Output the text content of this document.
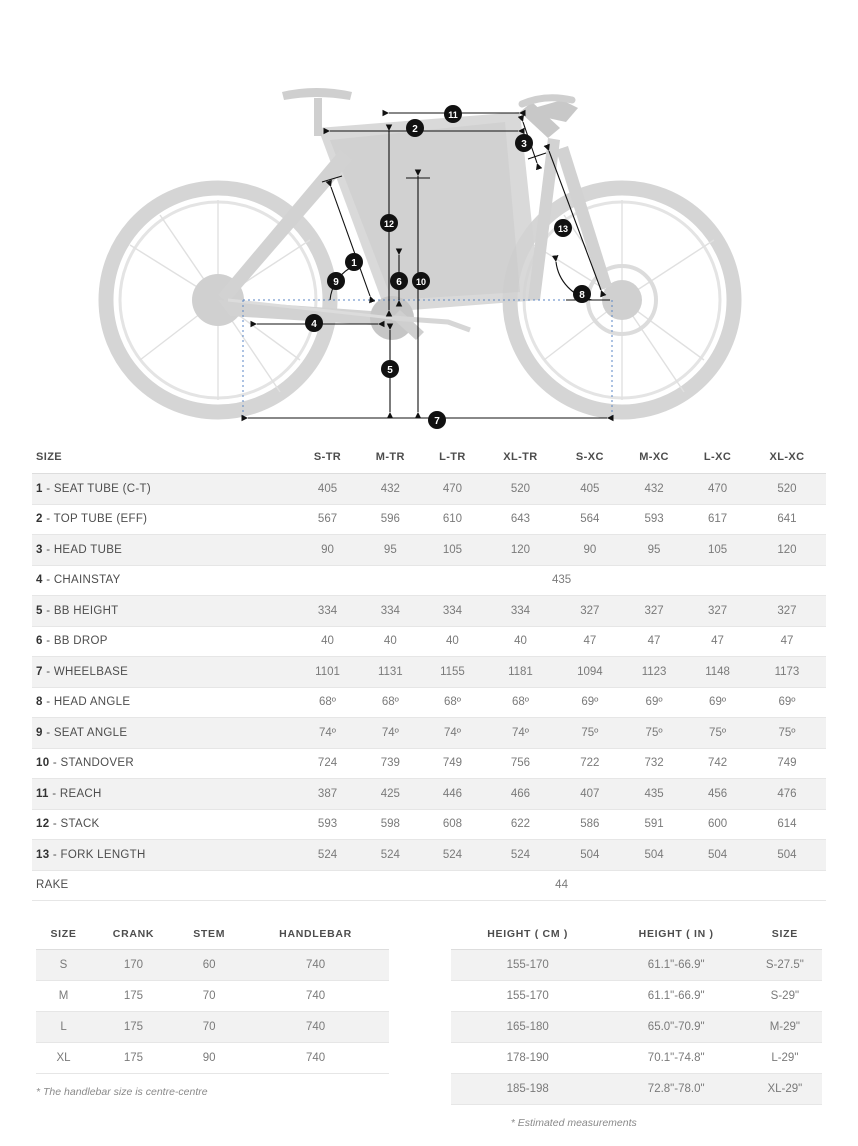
1
2
3
4
5
6
7
8
9	10
11
12	13
SIZE	S-TR	M-TR	L-TR	XL-TR	S-XC	M-XC	L-XC	XL-XC
1 - SEAT TUBE (C-T)	405	432	470	520	405	432	470	520
2 - TOP TUBE (EFF)	567	596	610	643	564	593	617	641
3 - HEAD TUBE	90	95	105	120	90	95	105	120
4 - CHAINSTAY	435							
5 - BB HEIGHT	334	334	334	334	327	327	327	327
6 - BB DROP	40	40	40	40	47	47	47	47
7 - WHEELBASE	1101	1131	1155	1181	1094	1123	1148	1173
8 - HEAD ANGLE	68º	68º	68º	68º	69º	69º	69º	69º
9 - SEAT ANGLE	74º	74º	74º	74º	75º	75º	75º	75º
10 - STANDOVER	724	739	749	756	722	732	742	749
11 - REACH	387	425	446	466	407	435	456	476
12 - STACK	593	598	608	622	586	591	600	614
13 - FORK LENGTH	524	524	524	524	504	504	504	504
RAKE	44							
SIZE	CRANK	STEM	HANDLEBAR
S	170	60	740
M	175	70	740
L	175	70	740
XL	175	90	740
* The handlebar size is centre-centre
HEIGHT ( CM )	HEIGHT ( IN )	SIZE
155-170	61.1"-66.9"	S-27.5"
155-170	61.1"-66.9"	S-29"
165-180	65.0"-70.9"	M-29"
178-190	70.1"-74.8"	L-29"
185-198	72.8"-78.0"	XL-29"
* Estimated measurements
